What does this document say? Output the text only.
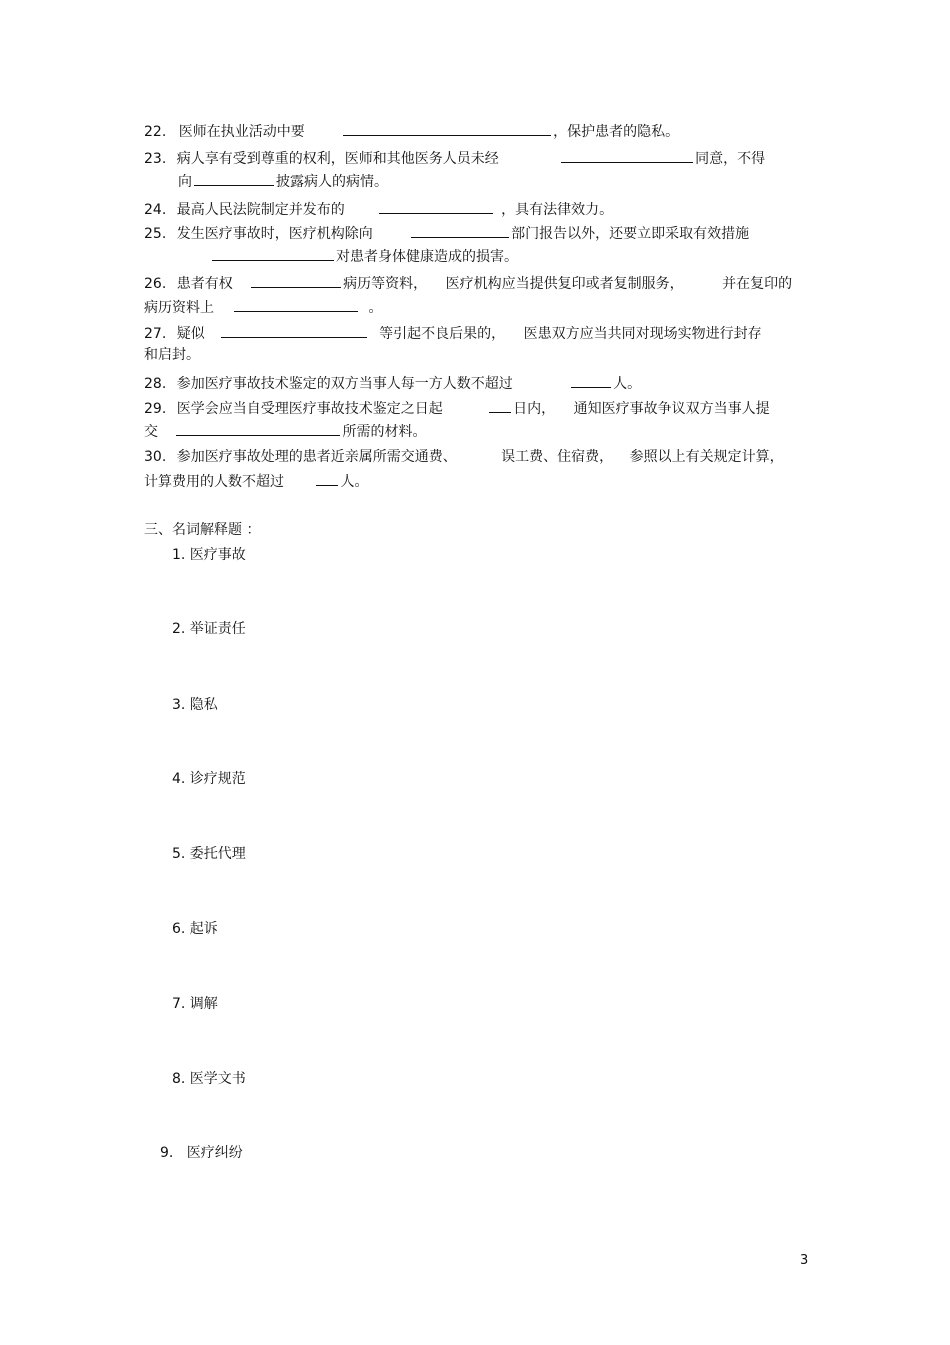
22. 医师在执业活动中要	，保护患者的隐私。
23. 病人享有受到尊重的权利，医师和其他医务人员未经	同意，不得
向	披露病人的病情。
24. 最高人民法院制定并发布的	，具有法律效力。
25. 发生医疗事故时，医疗机构除向	部门报告以外，还要立即采取有效措施
对患者身体健康造成的损害。
26. 患者有权	病历等资料， 医疗机构应当提供复印或者复制服务，	并在复印的
病历资料上	。
27. 疑似	等引起不良后果的， 医患双方应当共同对现场实物进行封存
和启封。
28. 参加医疗事故技术鉴定的双方当事人每一方人数不超过	人。
29. 医学会应当自受理医疗事故技术鉴定之日起	日内， 通知医疗事故争议双方当事人提
交	所需的材料。
30. 参加医疗事故处理的患者近亲属所需交通费、	误工费、住宿费， 参照以上有关规定计算，
计算费用的人数不超过	人。
三、名词解释题 ：
1. 医疗事故
2. 举证责任
3. 隐私
4. 诊疗规范
5. 委托代理
6. 起诉
7. 调解
8. 医学文书
9.   医疗纠纷
3
